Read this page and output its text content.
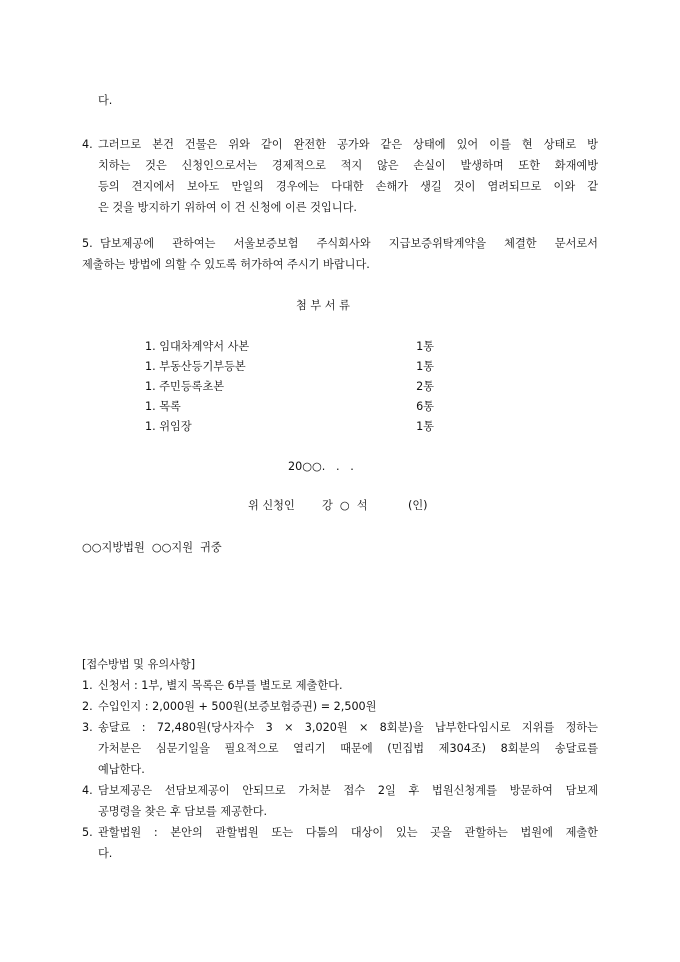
다.
4. 그러므로 본건 건물은 위와 같이 완전한 공가와 같은 상태에 있어 이를 현 상태로 방
치하는 것은 신청인으로서는 경제적으로 적지 않은 손실이 발생하며 또한 화재예방
등의 견지에서 보아도 만일의 경우에는 다대한 손해가 생길 것이 염려되므로 이와 같
은 것을 방지하기 위하여 이 건 신청에 이른 것입니다.
5. 담보제공에 관하여는 서울보증보험 주식회사와 지급보증위탁계약을 체결한 문서로서
제출하는 방법에 의할 수 있도록 허가하여 주시기 바랍니다.
첨 부 서 류
1. 임대차계약서 사본	1통
1. 부동산등기부등본	1통
1. 주민등록초본	2통
1. 목록	6통
1. 위임장	1통
20○○.   .   .
위 신청인 강  ○  석	(인)
○○지방법원  ○○지원  귀중
[접수방법 및 유의사항]
1. 신청서 : 1부, 별지 목록은 6부를 별도로 제출한다.
2. 수입인지 : 2,000원 + 500원(보증보험증권) = 2,500원
3. 송달료 : 72,480원(당사자수 3 × 3,020원 × 8회분)을 납부한다임시로 지위를 정하는
가처분은 심문기일을 필요적으로 열리기 때문에 (민집법 제304조) 8회분의 송달료를
예납한다.
4. 담보제공은 선담보제공이 안되므로 가처분 접수 2일 후 법원신청계를 방문하여 담보제
공명령을 찾은 후 담보를 제공한다.
5. 관할법원 : 본안의 관할법원 또는 다툼의 대상이 있는 곳을 관할하는 법원에 제출한
다.
